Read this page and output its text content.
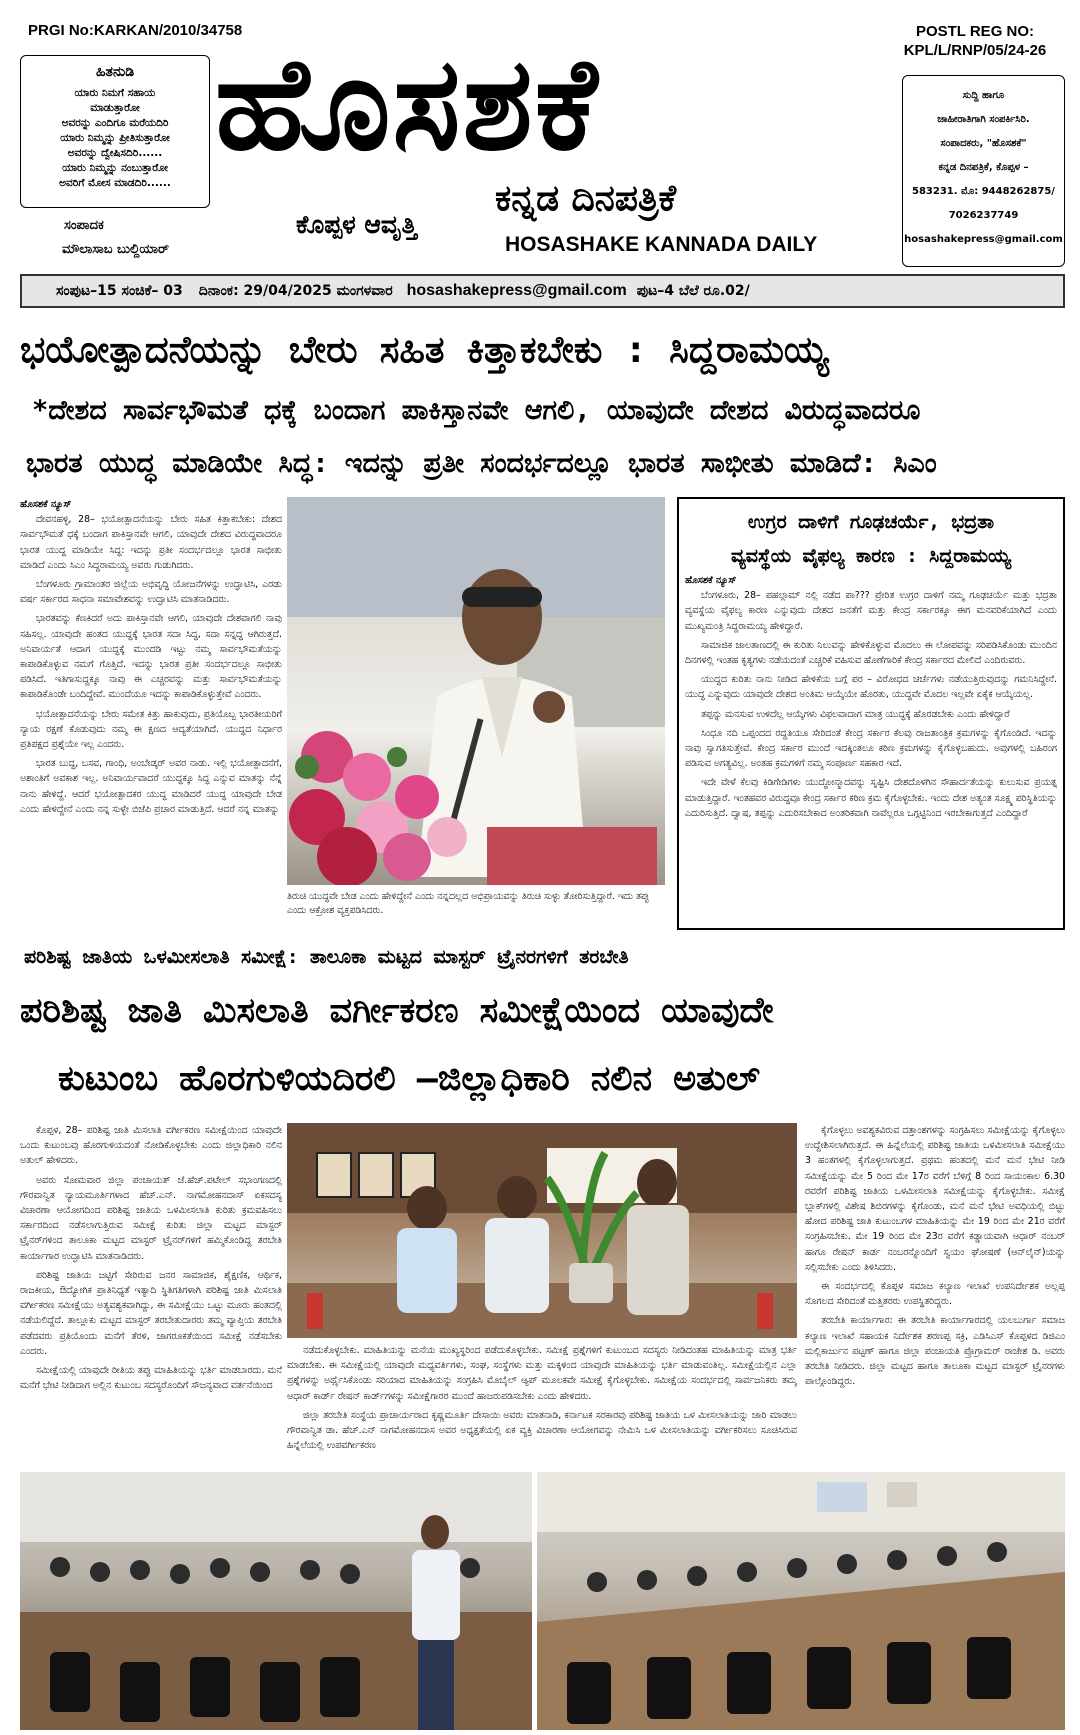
PRGI No:KARKAN/2010/34758	POSTL REG NO:
KPL/L/RNP/05/24-26
ಹಿತನುಡಿ
ಯಾರು ನಿಮಗೆ ಸಹಾಯ
ಮಾಡುತ್ತಾರೋ
ಅವರನ್ನು ಎಂದಿಗೂ ಮರೆಯದಿರಿ
ಯಾರು ನಿಮ್ಮನ್ನು ಪ್ರೀತಿಸುತ್ತಾರೋ
ಅವರನ್ನು ದ್ವೇಷಿಸದಿರಿ......
ಯಾರು ನಿಮ್ಮನ್ನು ನಂಬುತ್ತಾರೋ
ಅವರಿಗೆ ಮೋಸ ಮಾಡದಿರಿ......
ಹೊಸಶಕೆ
ಕನ್ನಡ ದಿನಪತ್ರಿಕೆ
ಕೊಪ್ಪಳ ಆವೃತ್ತಿ
HOSASHAKE KANNADA DAILY
ಸಂಪಾದಕ
ಮೌಲಾಸಾಬ ಬುಲ್ದಿಯಾರ್
ಸುದ್ದಿ ಹಾಗೂ
ಜಾಹೀರಾತಿಗಾಗಿ ಸಂಪರ್ಕಿಸಿರಿ.
ಸಂಪಾದಕರು, "ಹೊಸಶಕೆ"
ಕನ್ನಡ ದಿನಪತ್ರಿಕೆ, ಕೊಪ್ಪಳ –
583231. ಮೊ: 9448262875/
7026237749
hosashakepress@gmail.com
ಸಂಪುಟ–15 ಸಂಚಿಕೆ– 03 ದಿನಾಂಕ: 29/04/2025 ಮಂಗಳವಾರ hosashakepress@gmail.com ಪುಟ–4 ಬೆಲೆ ರೂ.02/
ಭಯೋತ್ಪಾದನೆಯನ್ನು ಬೇರು ಸಹಿತ ಕಿತ್ತಾಕಬೇಕು : ಸಿದ್ದರಾಮಯ್ಯ
*ದೇಶದ ಸಾರ್ವಭೌಮತೆ ಧಕ್ಕೆ ಬಂದಾಗ ಪಾಕಿಸ್ತಾನವೇ ಆಗಲಿ, ಯಾವುದೇ ದೇಶದ ವಿರುದ್ಧವಾದರೂ
ಭಾರತ ಯುದ್ಧ ಮಾಡಿಯೇ ಸಿದ್ಧ: ಇದನ್ನು ಪ್ರತೀ ಸಂದರ್ಭದಲ್ಲೂ ಭಾರತ ಸಾಭೀತು ಮಾಡಿದೆ: ಸಿಎಂ
ಹೊಸಶಕೆ ನ್ಯೂಸ್

ದೇವನಹಳ್ಳಿ, 28– ಭಯೋತ್ಪಾದನೆಯನ್ನು ಬೇರು ಸಹಿತ ಕಿತ್ತಾಕಬೇಕು: ದೇಶದ ಸಾರ್ವಭೌಮತೆ ಧಕ್ಕೆ ಬಂದಾಗ ಪಾಕಿಸ್ತಾನವೇ ಆಗಲಿ, ಯಾವುದೇ ದೇಶದ ವಿರುದ್ಧವಾದರೂ ಭಾರತ ಯುದ್ಧ ಮಾಡಿಯೇ ಸಿದ್ಧ: ಇದನ್ನು ಪ್ರತೀ ಸಂದರ್ಭದಲ್ಲೂ ಭಾರತ ಸಾಭೀತು ಮಾಡಿದೆ ಎಂದು ಸಿಎಂ ಸಿದ್ದರಾಮಯ್ಯ ಅವರು ಗುಡುಗಿದರು.

ಬೆಂಗಳೂರು ಗ್ರಾಮಾಂತರ ಜಿಲ್ಲೆಯ ಅಭಿವೃದ್ಧಿ ಯೋಜನೆಗಳನ್ನು ಉದ್ಘಾಟಿಸಿ, ಎರಡು ವರ್ಷ ಸರ್ಕಾರದ ಸಾಧನಾ ಸಮಾವೇಶವನ್ನು ಉದ್ಘಾಟಿಸಿ ಮಾತನಾಡಿದರು.

ಭಾರತವನ್ನು ಕೆಣಕಿದರೆ ಅದು ಪಾಕಿಸ್ತಾನವೇ ಆಗಲಿ, ಯಾವುದೇ ದೇಶವಾಗಲಿ ನಾವು ಸಹಿಸಲ್ಲ. ಯಾವುದೇ ಹಂತದ ಯುದ್ಧಕ್ಕೆ ಭಾರತ ಸದಾ ಸಿದ್ಧ, ಸದಾ ಸನ್ನದ್ಧ ಆಗಿರುತ್ತದೆ. ಅನಿವಾರ್ಯತೆ ಆದಾಗ ಯುದ್ಧಕ್ಕೆ ಮುಂದಡಿ ಇಟ್ಟು ನಮ್ಮ ಸಾರ್ವಭೌಮತೆಯನ್ನು ಕಾಪಾಡಿಕೊಳ್ಳುವ ನಮಗೆ ಗೊತ್ತಿದೆ. ಇದನ್ನು ಭಾರತ ಪ್ರತೀ ಸಂದರ್ಭದಲ್ಲೂ ಸಾಭೀತು ಪಡಿಸಿದೆ. ಇತಿಗಾಸುದ್ದಕ್ಕೂ ನಾವು ಈ ಎಚ್ಚರವನ್ನು ಮತ್ತು ಸಾರ್ವಭೌಮತೆಯನ್ನು ಕಾಪಾಡಿಕೊಂಡೇ ಬಂದಿದ್ದೇವೆ. ಮುಂದೆಯೂ ಇದನ್ನು ಕಾಪಾಡಿಕೊಳ್ಳುತ್ತೇವೆ ಎಂದರು.

ಭಯೋತ್ಪಾದನೆಯನ್ನು ಬೇರು ಸಮೇತ ಕಿತ್ತು ಹಾಕುವುದು, ಪ್ರತಿಯೊಬ್ಬ ಭಾರತೀಯರಿಗೆ ನ್ಯಾಯ ರಕ್ಷಣೆ ಕೊಡುವುದು ನಮ್ಮ ಈ ಕ್ಷಣದ ಆದ್ಯತೆಯಾಗಿದೆ. ಯುದ್ಧದ ನಿರ್ಧಾರ ಪ್ರತಿಪಕ್ಷದ ಪ್ರಶ್ನೆಯೇ ಇಲ್ಲ ಎಂದರು.

ಭಾರತ ಬುದ್ಧ, ಬಸವ, ಗಾಂಧಿ, ಅಂಬೇಡ್ಕರ್ ಅವರ ನಾಡು. ಇಲ್ಲಿ ಭಯೋತ್ಪಾದನೆಗೆ, ಅಶಾಂತಿಗೆ ಅವಕಾಶ ಇಲ್ಲ. ಅನಿವಾರ್ಯವಾದರೆ ಯುದ್ಧಕ್ಕೂ ಸಿದ್ಧ ಎನ್ನುವ ಮಾತನ್ನು ನೆನ್ನೆ ನಾನು ಹೇಳಿದ್ದೆ. ಆದರೆ ಭಯೋತ್ಪಾದಕರ ಯುದ್ಧ ಮಾಡಿದರೆ ಯುದ್ಧ ಯಾವುದೇ ಬೇಡ ಎಂದು ಹೇಳಿದ್ದೇನೆ ಎಂದು ನನ್ನ ಸುಳ್ಳೇ ಬಿಜೆಪಿ ಪ್ರಚಾರ ಮಾಡುತ್ತಿದೆ. ಆದರೆ ನನ್ನ ಮಾತನ್ನು

ತಿರುಚಿ ಯುದ್ಧವೇ ಬೇಡ ಎಂದು ಹೇಳಿದ್ದೇನೆ ಎಂದು ನನ್ನದಲ್ಲದ ಅಭಿಪ್ರಾಯವನ್ನು ತಿರುಚಿ ಸುಳ್ಳು ತೋರಿಸುತ್ತಿದ್ದಾರೆ. ಇದು ತಪ್ಪು ಎಂದು ಆಕ್ರೋಶ ವ್ಯಕ್ತಪಡಿಸಿದರು.
ಉಗ್ರರ ದಾಳಿಗೆ ಗೂಢಚರ್ಯೆ, ಭದ್ರತಾ
ವ್ಯವಸ್ಥೆಯ ವೈಫಲ್ಯ ಕಾರಣ : ಸಿದ್ದರಾಮಯ್ಯ
ಹೊಸಶಕೆ ನ್ಯೂಸ್

ಬೆಂಗಳೂರು, 28– ಪಹಲ್ಗಾಮ್ ನಲ್ಲಿ ನಡೆದ ಪಾ??? ಪ್ರೇರಿತ ಉಗ್ರರ ದಾಳಿಗೆ ನಮ್ಮ ಗೂಢಚರ್ಯೆ ಮತ್ತು ಭದ್ರತಾ ವ್ಯವಸ್ಥೆಯ ವೈಫಲ್ಯ ಕಾರಣ ಎನ್ನುವುದು ದೇಶದ ಜನತೆಗೆ ಮತ್ತು ಕೇಂದ್ರ ಸರ್ಕಾರಕ್ಕೂ ಈಗ ಮನವರಿಕೆಯಾಗಿದೆ ಎಂದು ಮುಖ್ಯಮಂತ್ರಿ ಸಿದ್ದರಾಮಯ್ಯ ಹೇಳಿದ್ದಾರೆ.

ಸಾಮಾಜಿಕ ಜಾಲತಾಣದಲ್ಲಿ ಈ ಕುರಿತು ನಿಲುವನ್ನು ಹೇಳಿಕೊಳ್ಳುವ ಮೊದಲು ಈ ಲೋಪವನ್ನು ಸರಿಪಡಿಸಿಕೊಂಡು ಮುಂದಿನ ದಿನಗಳಲ್ಲಿ ಇಂತಹ ಕೃತ್ಯಗಳು ನಡೆಯದಂತೆ ಎಚ್ಚರಿಕೆ ವಹಿಸುವ ಹೊಣೆಗಾರಿಕೆ ಕೇಂದ್ರ ಸರ್ಕಾರದ ಮೇಲಿದೆ ಎಂದಿರುವರು.

ಯುದ್ಧದ ಕುರಿತು ನಾನು ನೀಡಿದ ಹೇಳಿಕೆಯ ಬಗ್ಗೆ ಪರ – ವಿರೋಧದ ಚರ್ಚೆಗಳು ನಡೆಯುತ್ತಿರುವುದನ್ನು ಗಮನಿಸಿದ್ದೇನೆ. ಯುದ್ಧ ಎನ್ನುವುದು ಯಾವುದೇ ದೇಶದ ಅಂತಿಮ ಆಯ್ಕೆಯೇ ಹೊರತು, ಯುದ್ಧವೇ ಮೊದಲ ಇಲ್ಲವೇ ಏಕೈಕ ಆಯ್ಕೆಯಲ್ಲ.

ತಪ್ಪನ್ನು ಮನಸುವ ಉಳಿದೆಲ್ಲ ಆಯ್ಕೆಗಳು ವಿಫಲವಾದಾಗ ಮಾತ್ರ ಯುದ್ಧಕ್ಕೆ ಹೊರಡಬೇಕು ಎಂದು ಹೇಳಿದ್ದಾರೆ

ಸಿಂಧೂ ನದಿ ಒಪ್ಪಂದದ ರದ್ದತಿಯೂ ಸೇರಿದಂತೆ ಕೇಂದ್ರ ಸರ್ಕಾರ ಕೆಲವು ರಾಜತಾಂತ್ರಿಕ ಕ್ರಮಗಳನ್ನು ಕೈಗೊಂಡಿದೆ. ಇದನ್ನು ನಾವು ಸ್ವಾಗತಿಸುತ್ತೇವೆ. ಕೇಂದ್ರ ಸರ್ಕಾರ ಮುಂದೆ ಇದಕ್ಕಿಂತಲೂ ಕಠಿಣ ಕ್ರಮಗಳನ್ನು ಕೈಗೊಳ್ಳಬಹುದು. ಅವುಗಳಲ್ಲಿ ಬಹಿರಂಗ ಪಡಿಸುವ ಅಗತ್ಯವಿಲ್ಲ. ಅಂತಹ ಕ್ರಮಗಳಿಗೆ ನಮ್ಮ ಸಂಪೂರ್ಣ ಸಹಕಾರ ಇದೆ.

ಇದೇ ವೇಳೆ ಕೆಲವು ಕಿಡಿಗೇಡಿಗಳು ಯುದ್ಧೋನ್ಮಾದವನ್ನು ಸೃಷ್ಟಿಸಿ ದೇಶದೊಳಗಿನ ಸೌಹಾರ್ದತೆಯನ್ನು ಕುಲುಸುವ ಪ್ರಯತ್ನ ಮಾಡುತ್ತಿದ್ದಾರೆ. ಇಂತಹವರ ವಿರುದ್ಧವೂ ಕೇಂದ್ರ ಸರ್ಕಾರ ಕಠಿಣ ಕ್ರಮ ಕೈಗೊಳ್ಳಬೇಕು. ಇಂದು ದೇಶ ಅತ್ಯಂತ ಸೂಕ್ಷ್ಮ ಪರಿಸ್ಥಿತಿಯನ್ನು ಎದುರಿಸುತ್ತಿದೆ. ದ್ವಾಷ, ತಪ್ಪನ್ನು ಎದುರಿಸಬೇಕಾದ ಅಂತರಿಕವಾಗಿ ನಾವೆಲ್ಲರೂ ಒಗ್ಗಟ್ಟಿನಿಂದ ಇರಬೇಕಾಗುತ್ತದೆ ಎಂದಿದ್ದಾರೆ

ಪರಿಶಿಷ್ಟ ಜಾತಿಯ ಒಳಮೀಸಲಾತಿ ಸಮೀಕ್ಷೆ: ತಾಲೂಕಾ ಮಟ್ಟದ ಮಾಸ್ಟರ್ ಟ್ರೈನರಗಳಿಗೆ ತರಬೇತಿ
ಪರಿಶಿಷ್ಟ ಜಾತಿ ಮಿಸಲಾತಿ ವರ್ಗೀಕರಣ ಸಮೀಕ್ಷೆಯಿಂದ ಯಾವುದೇ
ಕುಟುಂಬ ಹೊರಗುಳಿಯದಿರಲಿ –ಜಿಲ್ಲಾಧಿಕಾರಿ ನಲಿನ ಅತುಲ್

ಕೊಪ್ಪಳ, 28– ಪರಿಶಿಷ್ಟ ಜಾತಿ ಮಿಸಲಾತಿ ವರ್ಗೀಕರಣ ಸಮೀಕ್ಷೆಯಿಂದ ಯಾವುದೇ ಒಂದು ಕುಟುಂಬವು ಹೊರಗುಳಿಯದಂತೆ ನೋಡಿಕೊಳ್ಳಬೇಕು ಎಂದು ಜಿಲ್ಲಾಧಿಕಾರಿ ನಲಿನ ಅತುಲ್ ಹೇಳಿದರು.

ಅವರು ಸೋಮವಾರ ಜಿಲ್ಲಾ ಪಂಚಾಯತ್ ಜೆ.ಹೆಚ್.ಪಟೇಲ್ ಸಭಾಂಗಣದಲ್ಲಿ ಗೌರವಾನ್ವಿತ ನ್ಯಾಯಮೂರ್ತಿಗಳಾದ ಹೆಚ್.ಎನ್. ನಾಗಮೋಹನದಾಸ್ ಏಕಸದಸ್ಯ ವಿಚಾರಣಾ ಆಯೋಗದಿಂದ ಪರಿಶಿಷ್ಟ ಜಾತಿಯ ಒಳಮೀಸಲಾತಿ ಕುರಿತು ಕ್ರಮವಹಿಸಲು ಸರ್ಕಾರದಿಂದ ನಡೆಸಲಾಗುತ್ತಿರುವ ಸಮೀಕ್ಷೆ ಕುರಿತು ಜಿಲ್ಲಾ ಮಟ್ಟದ ಮಾಸ್ಟರ್ ಟ್ರೈನರ್‌ಗಳಿಂದ ತಾಲೂಕಾ ಮಟ್ಟದ ಮಾಸ್ಟರ್ ಟ್ರೈನರ್‌ಗಳಿಗೆ ಹಮ್ಮಿಕೊಂಡಿದ್ದ ತರಬೇತಿ ಕಾರ್ಯಾಗಾರ ಉದ್ಘಾಟಿಸಿ ಮಾತನಾಡಿದರು.

ಪರಿಶಿಷ್ಟ ಜಾತಿಯ ಜಟ್ಟಿಗೆ ಸೇರಿರುವ ಜನರ ಸಾಮಾಜಿಕ, ಶೈಕ್ಷಣಿಕ, ಆರ್ಥಿಕ, ರಾಜಕೀಯ, ಔದ್ಯೋಗಿಕ ಪ್ರಾತಿನಿಧ್ಯತೆ ಇತ್ಯಾದಿ ಸ್ಥಿತಿಗತಿಗಳಾಗಿ ಪರಿಶಿಷ್ಟ ಜಾತಿ ಮಿಸಲಾತಿ ವರ್ಗೀಕರಣ ಸಮೀಕ್ಷೆಯು ಅತ್ಯವಶ್ಯಕವಾಗಿದ್ದು, ಈ ಸಮೀಕ್ಷೆಯು ಒಟ್ಟು ಮೂರು ಹಂತದಲ್ಲಿ ನಡೆಯಲಿದ್ದೆದೆ. ತಾಲ್ಲೂಕು ಮಟ್ಟದ ಮಾಸ್ಟರ್ ತರಬೇತುದಾರರು ತಮ್ಮ ವ್ಯಾಪ್ತಿಯ ತರಬೇತಿ ಪಡೆದವರು ಪ್ರತಿಯೊಂದು ಮನೆಗೆ ತೆರಳಿ, ಜಾಗರೂಕತೆಯಿಂದ ಸಮೀಕ್ಷೆ ನಡೆಸಬೇಕು ಎಂದರು.

ಸಮೀಕ್ಷೆಯಲ್ಲಿ ಯಾವುದೇ ರೀತಿಯ ತಪ್ಪು ಮಾಹಿತಿಯನ್ನು ಭರ್ತಿ ಮಾಡಬಾರದು. ಮನೆ ಮನೆಗೆ ಭೇಟಿ ನೀಡಿದಾಗ ಅಲ್ಲಿನ ಕುಟುಂಬ ಸದಸ್ಯರೊಂದಿಗೆ ಸೌಜನ್ಯವಾದ ವರ್ತನೆಯಿಂದ

ನಡೆದುಕೊಳ್ಳಬೇಕು. ಮಾಹಿತಿಯನ್ನು ಮನೆಯ ಮುಖ್ಯಸ್ಥರಿಂದ ಪಡೆದುಕೊಳ್ಳಬೇಕು. ಸಮೀಕ್ಷೆ ಪ್ರಶ್ನೆಗಳಿಗೆ ಕುಟುಂಬದ ಸದಸ್ಯರು ನೀಡಿದಂತಹ ಮಾಹಿತಿಯನ್ನು ಮಾತ್ರ ಭರ್ತಿ ಮಾಡಬೇಕು. ಈ ಸಮೀಕ್ಷೆಯಲ್ಲಿ ಯಾವುದೇ ಮಧ್ಯವರ್ತಿಗಳು, ಸಂಘ, ಸಂಸ್ಥೆಗಳು ಮತ್ತು ಮಕ್ಕಳಿಂದ ಯಾವುದೇ ಮಾಹಿತಿಯನ್ನು ಭರ್ತಿ ಮಾಡುವಂತಿಲ್ಲ. ಸಮೀಕ್ಷೆಯಲ್ಲಿನ ಎಲ್ಲಾ ಪ್ರಶ್ನೆಗಳನ್ನು ಅರ್ಥೈಸಿಕೊಂಡು ಸರಿಯಾದ ಮಾಹಿತಿಯನ್ನು ಸಂಗ್ರಹಿಸಿ ಮೊಬೈಲ್ ಆ್ಯಪ್ ಮೂಲಕವೇ ಸಮೀಕ್ಷೆ ಕೈಗೊಳ್ಳಬೇಕು. ಸಮೀಕ್ಷೆಯ ಸಂದರ್ಭದಲ್ಲಿ ಸಾರ್ವಜನಿಕರು ತಮ್ಮ ಆಧಾರ್ ಕಾರ್ಡ್ ರೇಷನ್ ಕಾರ್ಡ್‌ಗಳನ್ನು ಸಮೀಕ್ಷೆಗಾರರ ಮುಂದೆ ಹಾಜರುಪಡಿಸಬೇಕು ಎಂದು ಹೇಳಿದರು.

ಜಿಲ್ಲಾ ತರಬೇತಿ ಸಂಸ್ಥೆಯ ಪ್ರಾಚಾರ್ಯರಾದ ಕೃಷ್ಣಮೂರ್ತಿ ದೇಸಾಯಿ ಅವರು ಮಾತನಾಡಿ, ಕರ್ನಾಟಕ ಸರಕಾರವು ಪರಿಶಿಷ್ಟ ಜಾತಿಯ ಒಳ ಮೀಸಲಾತಿಯನ್ನು ಜಾರಿ ಮಾಡಲು ಗೌರವಾನ್ವಿತ ಡಾ. ಹೆಚ್.ಎನ್ ನಾಗಮೋಹನದಾಸ ಅವರ ಅಧ್ಯಕ್ಷತೆಯಲ್ಲಿ ಏಕ ವ್ಯಕ್ತಿ ವಿಚಾರಣಾ ಆಯೋಗವನ್ನು ನೇಮಿಸಿ ಒಳ ಮೀಸಲಾತಿಯನ್ನು ವರ್ಗೀಕರಿಸಲು ಸೂಚಿಸಿರುವ ಹಿನ್ನೆಲೆಯಲ್ಲಿ ಉಪವರ್ಗೀಕರಣ

ಕೈಗೊಳ್ಳಲು ಅವಶ್ಯಕವಿರುವ ದತ್ತಾಂಶಗಳನ್ನು ಸಂಗ್ರಹಿಸಲು ಸಮೀಕ್ಷೆಯನ್ನು ಕೈಗೊಳ್ಳಲು ಉದ್ದೇಶಿಸಲಾಗಿರುತ್ತದೆ. ಈ ಹಿನ್ನೆಲೆಯಲ್ಲಿ ಪರಿಶಿಷ್ಟ ಜಾತಿಯ ಒಳಮೀಸಲಾತಿ ಸಮೀಕ್ಷೆಯು 3 ಹಂತಗಳಲ್ಲಿ ಕೈಗೊಳ್ಳಲಾಗುತ್ತದೆ. ಪ್ರಥಮ ಹಂತದಲ್ಲಿ ಮನೆ ಮನೆ ಭೇಟಿ ನೀಡಿ ಸಮೀಕ್ಷೆಯನ್ನು ಮೇ 5 ರಿಂದ ಮೇ 17ರ ವರೆಗೆ ಬೆಳಿಗ್ಗೆ 8 ರಿಂದ ಸಾಯಂಕಾಲ 6.30 ರವರೆಗೆ ಪರಿಶಿಷ್ಟ ಜಾತಿಯ ಒಳಮೀಸಲಾತಿ ಸಮೀಕ್ಷೆಯನ್ನು ಕೈಗೊಳ್ಳಬೇಕು. ಸಮೀಕ್ಷೆ ಬ್ಲಾಕ್‌ಗಳಲ್ಲಿ ವಿಶೇಷ ಶಿಬಿರಗಳನ್ನು ಕೈಗೊಂಡು, ಮನೆ ಮನೆ ಭೇಟಿ ಅವಧಿಯಲ್ಲಿ ಬಿಟ್ಟು ಹೋದ ಪರಿಶಿಷ್ಟ ಜಾತಿ ಕುಟುಂಬಗಳ ಮಾಹಿತಿಯನ್ನು ಮೇ 19 ರಿಂದ ಮೇ 21ರ ವರೆಗೆ ಸಂಗ್ರಹಿಸಬೇಕು. ಮೇ 19 ರಿಂದ ಮೇ 23ರ ವರೆಗೆ ಕಡ್ಡಾಯವಾಗಿ ಆಧಾರ್ ನಂಬರ್ ಹಾಗೂ ರೇಷನ್ ಕಾರ್ಡ ನಂಬರನ್ನೊಂದಿಗೆ ಸ್ವಯಂ ಘೋಷಣೆ (ಆನ್‌ಲೈನ್)ಯನ್ನು ಸಲ್ಲಿಸಬೇಕು ಎಂದು ತಿಳಿಸಿದರು.

ಈ ಸಂದರ್ಭದಲ್ಲಿ ಕೊಪ್ಪಳ ಸಮಾಜ ಕಲ್ಯಾಣ ಇಲಾಖೆ ಉಪನಿರ್ದೇಶಕ ಅಲ್ಲಪ್ಪ ಸೊಗಲದ ಸೇರಿದಂತೆ ಮತ್ತಿತರರು ಉಪಸ್ಥಿತರಿದ್ದರು.

ತರಬೇತಿ ಕಾರ್ಯಾಗಾರ: ಈ ತರಬೇತಿ ಕಾರ್ಯಾಗಾರದಲ್ಲಿ ಯಲಬುರ್ಗಾ ಸಮಾಜ ಕಲ್ಯಾಣ ಇಲಾಖೆ ಸಹಾಯಕ ನಿರ್ದೇಶಕ ಶರಣಪ್ಪ ಸಕ್ರಿ, ಎಡಿಸಿಎಸ್ ಕೊಪ್ಪಳದ ಡಿಜಿಎಂ ಮಲ್ಲಿಕಾರ್ಜುನ ಪಟ್ಟಣ್ ಹಾಗೂ ಜಿಲ್ಲಾ ಪಂಚಾಯತಿ ಪ್ರೊಗ್ರಾಮರ್ ರಾಜೇಶ ಡಿ. ಅವರು ತರಬೇತಿ ನೀಡಿದರು. ಜಿಲ್ಲಾ ಮಟ್ಟದ ಹಾಗೂ ತಾಲೂಕಾ ಮಟ್ಟದ ಮಾಸ್ಟರ್ ಟ್ರೈನರಗಳು ಪಾಲ್ಗೊಂಡಿದ್ದರು.
